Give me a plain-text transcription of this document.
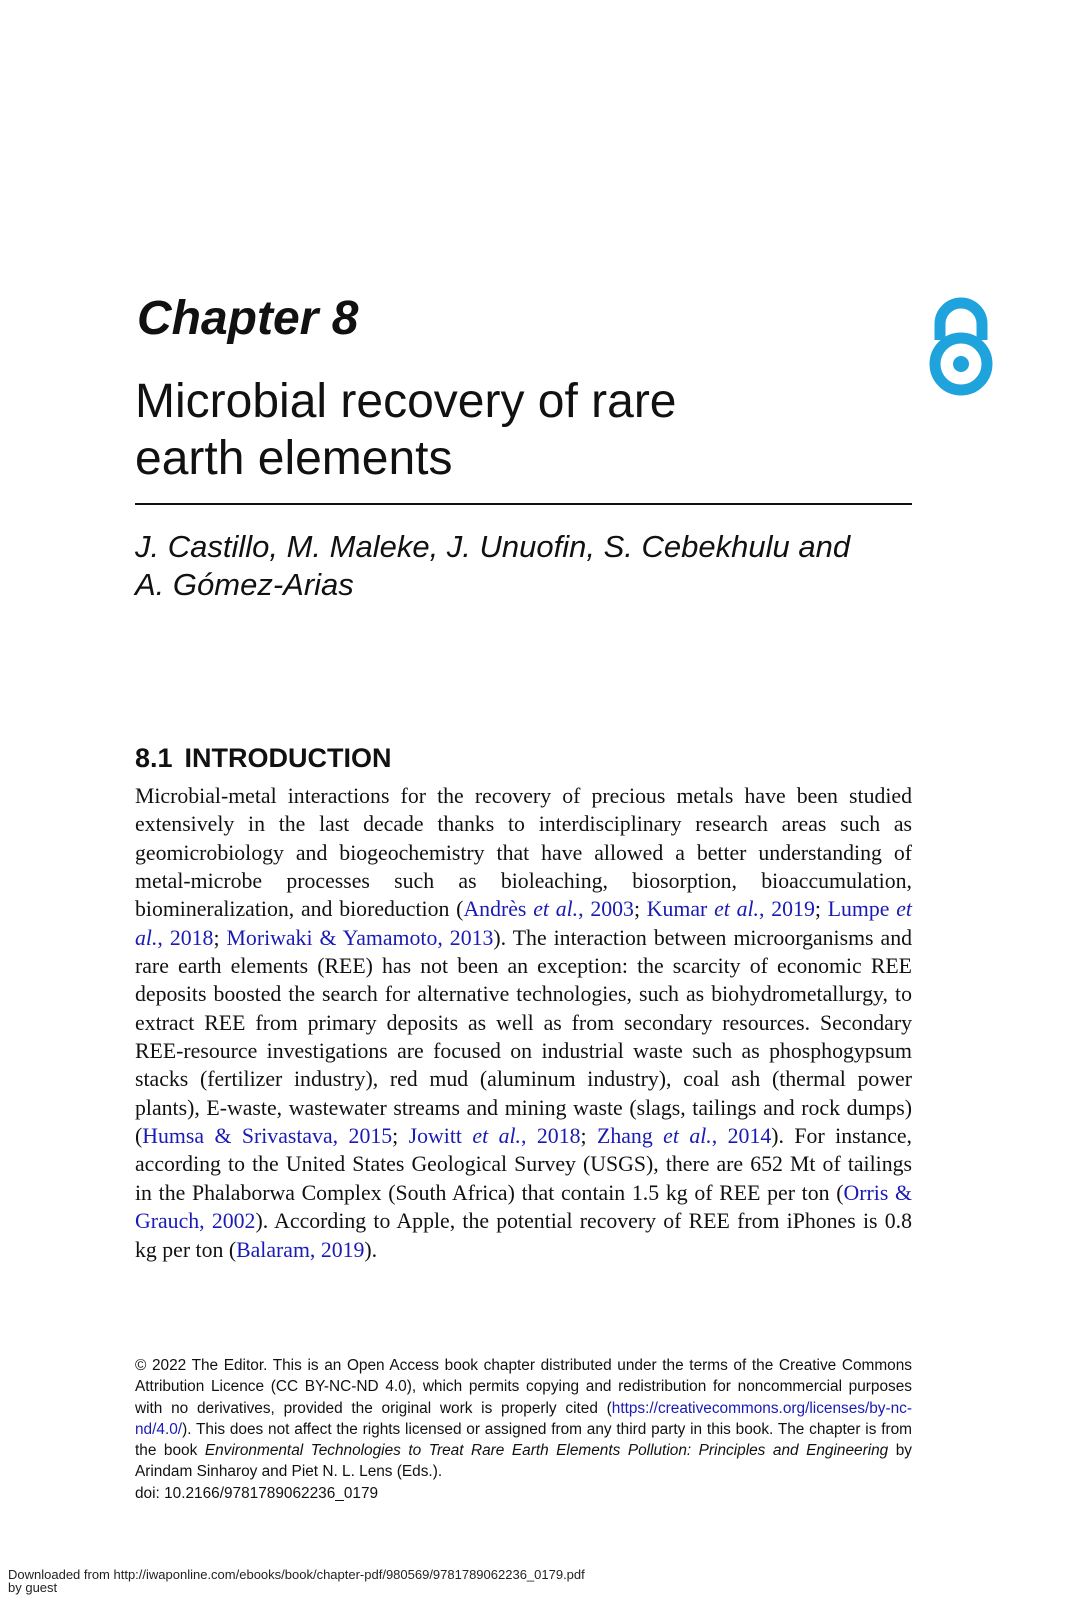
Chapter 8
Microbial recovery of rare
earth elements

J. Castillo, M. Maleke, J. Unuofin, S. Cebekhulu and
A. Gómez-Arias

8.1 INTRODUCTION

Microbial-metal interactions for the recovery of precious metals have been studied extensively in the last decade thanks to interdisciplinary research areas such as geomicrobiology and biogeochemistry that have allowed a better understanding of metal-microbe processes such as bioleaching, biosorption, bioaccumulation, biomineralization, and bioreduction (Andrès et al., 2003; Kumar et al., 2019; Lumpe et al., 2018; Moriwaki & Yamamoto, 2013). The interaction between microorganisms and rare earth elements (REE) has not been an exception: the scarcity of economic REE deposits boosted the search for alternative technologies, such as biohydrometallurgy, to extract REE from primary deposits as well as from secondary resources. Secondary REE-resource investigations are focused on industrial waste such as phosphogypsum stacks (fertilizer industry), red mud (aluminum industry), coal ash (thermal power plants), E-waste, wastewater streams and mining waste (slags, tailings and rock dumps) (Humsa & Srivastava, 2015; Jowitt et al., 2018; Zhang et al., 2014). For instance, according to the United States Geological Survey (USGS), there are 652 Mt of tailings in the Phalaborwa Complex (South Africa) that contain 1.5 kg of REE per ton (Orris & Grauch, 2002). According to Apple, the potential recovery of REE from iPhones is 0.8 kg per ton (Balaram, 2019).

© 2022 The Editor. This is an Open Access book chapter distributed under the terms of the Creative Commons Attribution Licence (CC BY-NC-ND 4.0), which permits copying and redistribution for noncommercial purposes with no derivatives, provided the original work is properly cited (https://creativecommons.org/licenses/by-nc-nd/4.0/). This does not affect the rights licensed or assigned from any third party in this book. The chapter is from the book Environmental Technologies to Treat Rare Earth Elements Pollution: Principles and Engineering by Arindam Sinharoy and Piet N. L. Lens (Eds.).

doi: 10.2166/9781789062236_0179

Downloaded from http://iwaponline.com/ebooks/book/chapter-pdf/980569/9781789062236_0179.pdf
by guest
